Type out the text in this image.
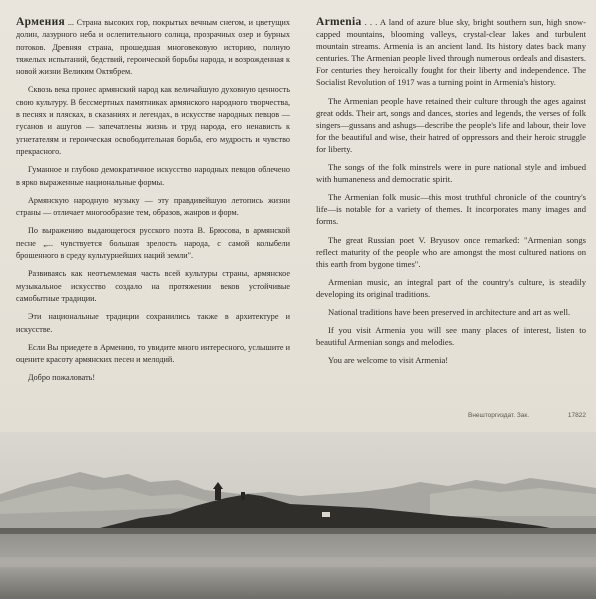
Армения ... Страна высоких гор, покрытых вечным снегом, и цветущих долин, лазурного неба и ослепительного солнца, прозрачных озер и бурных потоков. Древняя страна, прошедшая многовековую историю, полную тяжелых испытаний, бедствий, героической борьбы народа, и возрожденная к новой жизни Великим Октябрем.

Сквозь века пронес армянский народ как величайшую духовную ценность свою культуру. В бессмертных памятниках армянского народного творчества, в песнях и плясках, в сказаниях и легендах, в искусстве народных певцов — гусанов и ашугов — запечатлены жизнь и труд народа, его ненависть к угнетателям и героическая освободительная борьба, его мудрость и чувство прекрасного.

Гуманное и глубоко демократичное искусство народных певцов облечено в ярко выраженные национальные формы.

Армянскую народную музыку — эту правдивейшую летопись жизни страны — отличает многообразие тем, образов, жанров и форм.

По выражению выдающегося русского поэта В. Брюсова, в армянской песне „... чувствуется большая зрелость народа, с самой колыбели брошенного в среду культурнейших наций земли".

Развиваясь как неотъемлемая часть всей культуры страны, армянское музыкальное искусство создало на протяжении веков устойчивые самобытные традиции.

Эти национальные традиции сохранились также в архитектуре и искусстве.

Если Вы приедете в Армению, то увидите много интересного, услышите и оцените красоту армянских песен и мелодий.

Добро пожаловать!

Armenia . . . A land of azure blue sky, bright southern sun, high snow-capped mountains, blooming valleys, crystal-clear lakes and turbulent mountain streams. Armenia is an ancient land. Its history dates back many centuries. The Armenian people lived through numerous ordeals and disasters. For centuries they heroically fought for their liberty and independence. The Socialist Revolution of 1917 was a turning point in Armenia's history.

The Armenian people have retained their culture through the ages against great odds. Their art, songs and dances, stories and legends, the verses of folk singers—gussans and ashugs—describe the people's life and labour, their love for the beautiful and wise, their hatred of oppressors and their heroic struggle for liberty.

The songs of the folk minstrels were in pure national style and imbued with humaneness and democratic spirit.

The Armenian folk music—this most truthful chronicle of the country's life—is notable for a variety of themes. It incorporates many images and forms.

The great Russian poet V. Bryusov once remarked: "Armenian songs reflect maturity of the people who are amongst the most cultured nations on this earth from bygone times".

Armenian music, an integral part of the country's culture, is steadily developing its original traditions.

National traditions have been preserved in architecture and art as well.

If you visit Armenia you will see many places of interest, listen to beautiful Armenian songs and melodies.

You are welcome to visit Armenia!

Внешторгиздат. Зак.	17822
